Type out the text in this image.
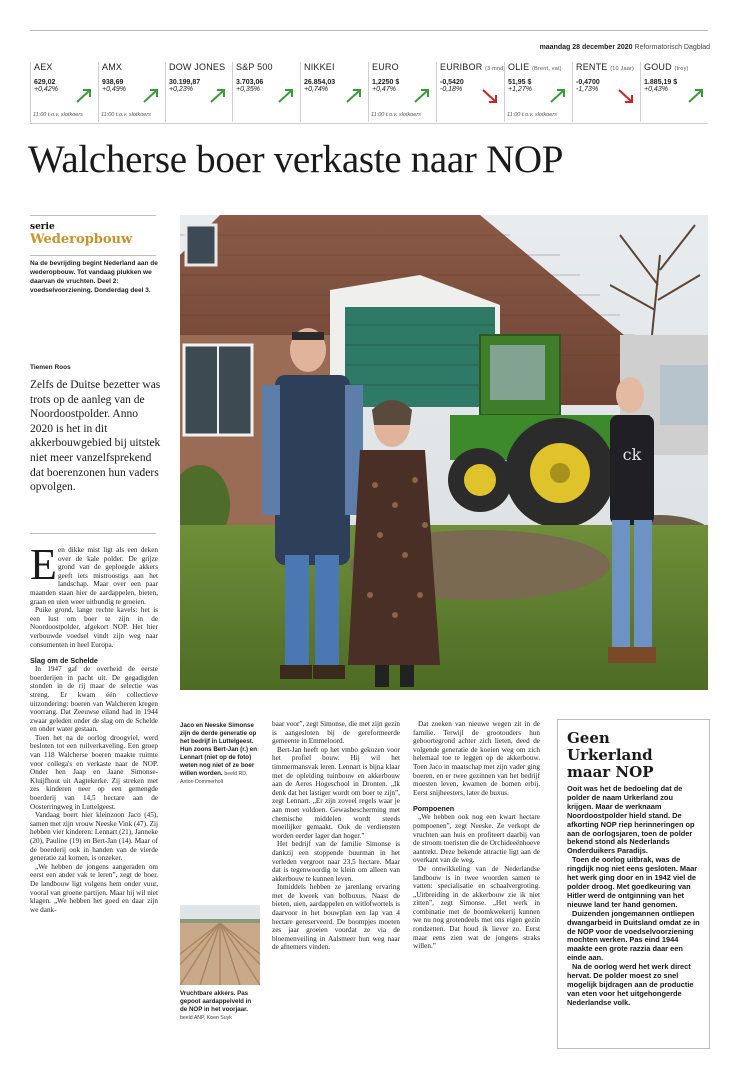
maandag 28 december 2020 Reformatorisch Dagblad
AEX
629,02
+0,42%
11:00 t.o.v. slotkoers
AMX
938,69
+0,49%
11:00 t.o.v. slotkoers
DOW JONES
30.199,87
+0,23%
S&P 500
3.703,06
+0,35%
NIKKEI
26.854,03
+0,74%
EURO
1,2250 $
+0,47%
11:00 t.o.v. slotkoers
EURIBOR (3 mnd)
-0,5420
-0,18%
OLIE (Brent, vat)
51,95 $
+1,27%
11:00 t.o.v. slotkoers
RENTE (10 Jaar)
-0,4700
-1,73%
GOUD (troy)
1.885,19 $
+0,43%
Walcherse boer verkaste naar NOP
serie
Wederopbouw
Na de bevrijding begint Nederland aan de wederopbouw. Tot vandaag plukken we daarvan de vruchten. Deel 2: voedselvoorziening. Donderdag deel 3.
Tiemen Roos
Zelfs de Duitse bezetter was trots op de aanleg van de Noordoostpolder. Anno 2020 is het in dit akkerbouwgebied bij uitstek niet meer vanzelfsprekend dat boerenzonen hun vaders opvolgen.
ck
Jaco en Neeske Simonse zijn de derde generatie op het bedrijf in Luttelgeest. Hun zoons Bert-Jan (r.) en Lennart (niet op de foto) weten nog niet of ze boer willen worden. beeld RD, Anton Dommerholt
Vruchtbare akkers. Pas gepoot aardappelveld in de NOP in het voorjaar. beeld ANP, Koen Suyk
E en dikke mist ligt als een deken over de kale polder. De grijze grond van de geploegde akkers geeft iets mistroostigs aan het landschap. Maar over een paar maanden staan hier de aardappelen, bieten, graan en uien weer uitbundig te groeien.

Puike grond, lange rechte kavels: het is een lust om boer te zijn in de Noordoostpolder, afgekort NOP. Het hier verbouwde voedsel vindt zijn weg naar consumenten in heel Europa.

Slag om de Schelde

In 1947 gaf de overheid de eerste boerderijen in pacht uit. De gegadigden stonden in de rij maar de selectie was streng. Er kwam één collectieve uitzondering: boeren van Walcheren kregen voorrang. Dat Zeeuwse eiland had in 1944 zwaar geleden onder de slag om de Schelde en onder water gestaan.

Toen het na de oorlog droogviel, werd besloten tot een ruilverkaveling. Een groep van 118 Walcherse boeren maakte ruimte voor collega's en verkaste naar de NOP. Onder hen Jaap en Jaane Simonse-Kluijfhout uit Aagtekerke. Zij streken met zes kinderen neer op een gemengde boerderij van 14,5 hectare aan de Oosterringweg in Luttelgeest.

Vandaag boert hier kleinzoon Jaco (45), samen met zijn vrouw Neeske Vink (47). Zij hebben vier kinderen: Lennart (21), Janneke (20), Pauline (19) en Bert-Jan (14). Maar of de boerderij ook in handen van de vierde generatie zal komen, is onzeker.

„We hebben de jongens aangeraden om eerst een ander vak te leren”, zegt de boer. De landbouw ligt volgens hem onder vuur, vooral van groene partijen. Maar hij wil niet klagen. „We hebben het goed en daar zijn we dank-

baar voor”, zegt Simonse, die met zijn gezin is aangesloten bij de gereformeerde gemeente in Emmeloord.

Bert-Jan heeft op het vmbo gekozen voor het profiel bouw. Hij wil het timmermansvak leren. Lennart is bijna klaar met de opleiding tuinbouw en akkerbouw aan de Aeres Hogeschool in Dronten. „Ik denk dat het lastiger wordt om boer te zijn”, zegt Lennart. „Er zijn zoveel regels waar je aan moet voldoen. Gewasbescherming met chemische middelen wordt steeds moeilijker gemaakt. Ook de verdiensten worden eerder lager dan hoger.”

Het bedrijf van de familie Simonse is dankzij een stoppende buurman in het verleden vergroot naar 23,5 hectare. Maar dat is tegenwoordig te klein om alleen van akkerbouw te kunnen leven.

Inmiddels hebben ze jarenlang ervaring met de kweek van bolbuxus. Naast de bieten, uien, aardappelen en witlofwortels is daarvoor in het bouwplan een lap van 4 hectare gereserveerd. De boompjes moeten zes jaar groeien voordat ze via de bloemenveiling in Aalsmeer hun weg naar de afnemers vinden.

Dat zoeken van nieuwe wegen zit in de familie. Terwijl de grootouders hun geboortegrond achter zich lieten, deed de volgende generatie de koeien weg om zich helemaal toe te leggen op de akkerbouw. Toen Jaco in maatschap met zijn vader ging boeren, en er twee gezinnen van het bedrijf moesten leven, kwamen de bomen erbij. Eerst snijheesters, later de buxus.

Pompoenen

„We hebben ook nog een kwart hectare pompoenen”, zegt Neeske. Ze verkopt de vruchten aan huis en profiteert daarbij van de stroom toeristen die de Orchideeënhoeve aantrekt. Deze bekende attractie ligt aan de overkant van de weg.

De ontwikkeling van de Nederlandse landbouw is in twee woorden samen te vatten: specialisatie en schaalvergroting. „Uitbreiding in de akkerbouw zie ik niet zitten”, zegt Simonse. „Het werk in combinatie met de boomkwekerij kunnen we nu nog grotendeels met ons eigen gezin rondzetten. Dat houd ik liever zo. Eerst maar eens zien wat de jongens straks willen.”

Geen Urkerland maar NOP

Ooit was het de bedoeling dat de polder de naam Urkerland zou krijgen. Maar de werknaam Noordoostpolder hield stand. De afkorting NOP riep herinneringen op aan de oorlogsjaren, toen de polder bekend stond als Nederlands Onderduikers Paradijs.

Toen de oorlog uitbrak, was de ringdijk nog niet eens gesloten. Maar het werk ging door en in 1942 viel de polder droog. Met goedkeuring van Hitler werd de ontginning van het nieuwe land ter hand genomen.

Duizenden jongemannen ontliepen dwangarbeid in Duitsland omdat ze in de NOP voor de voedselvoorziening mochten werken. Pas eind 1944 maakte een grote razzia daar een einde aan.

Na de oorlog werd het werk direct hervat. De polder moest zo snel mogelijk bijdragen aan de productie van eten voor het uitgehongerde Nederlandse volk.
